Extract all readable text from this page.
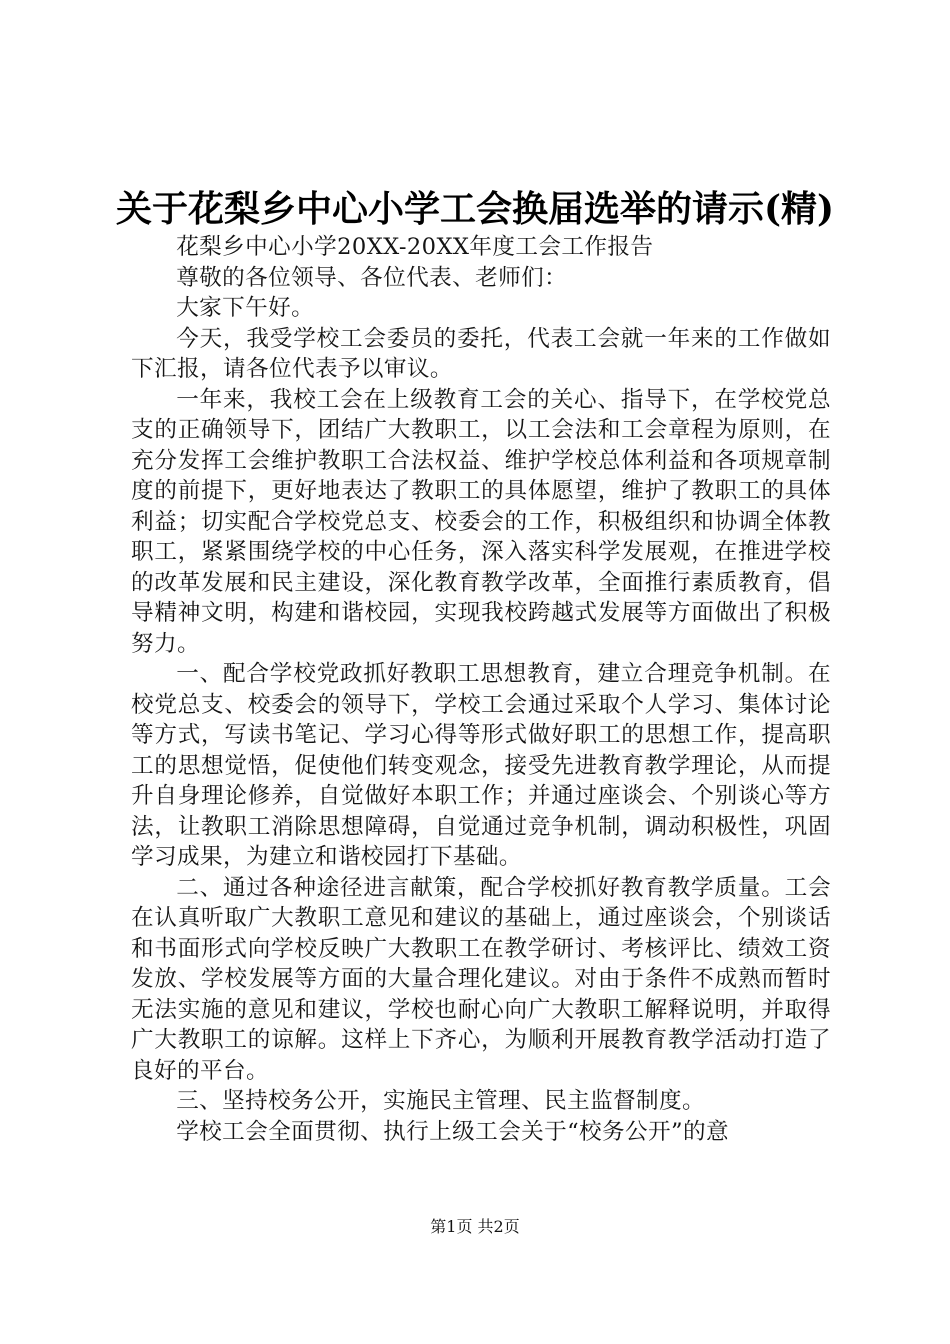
关于花梨乡中心小学工会换届选举的请示(精)

花梨乡中心小学20XX-20XX年度工会工作报告

尊敬的各位领导、各位代表、老师们：

大家下午好。

今天，我受学校工会委员的委托，代表工会就一年来的工作做如下汇报，请各位代表予以审议。

一年来，我校工会在上级教育工会的关心、指导下，在学校党总支的正确领导下，团结广大教职工，以工会法和工会章程为原则，在充分发挥工会维护教职工合法权益、维护学校总体利益和各项规章制度的前提下，更好地表达了教职工的具体愿望，维护了教职工的具体利益；切实配合学校党总支、校委会的工作，积极组织和协调全体教职工，紧紧围绕学校的中心任务，深入落实科学发展观，在推进学校的改革发展和民主建设，深化教育教学改革，全面推行素质教育，倡导精神文明，构建和谐校园，实现我校跨越式发展等方面做出了积极努力。

一、配合学校党政抓好教职工思想教育，建立合理竞争机制。在校党总支、校委会的领导下，学校工会通过采取个人学习、集体讨论等方式，写读书笔记、学习心得等形式做好职工的思想工作，提高职工的思想觉悟，促使他们转变观念，接受先进教育教学理论，从而提升自身理论修养，自觉做好本职工作；并通过座谈会、个别谈心等方法，让教职工消除思想障碍，自觉通过竞争机制，调动积极性，巩固学习成果，为建立和谐校园打下基础。

二、通过各种途径进言献策，配合学校抓好教育教学质量。工会在认真听取广大教职工意见和建议的基础上，通过座谈会，个别谈话和书面形式向学校反映广大教职工在教学研讨、考核评比、绩效工资发放、学校发展等方面的大量合理化建议。对由于条件不成熟而暂时无法实施的意见和建议，学校也耐心向广大教职工解释说明，并取得广大教职工的谅解。这样上下齐心，为顺利开展教育教学活动打造了良好的平台。

三、坚持校务公开，实施民主管理、民主监督制度。

学校工会全面贯彻、执行上级工会关于“校务公开”的意

第1页 共2页
